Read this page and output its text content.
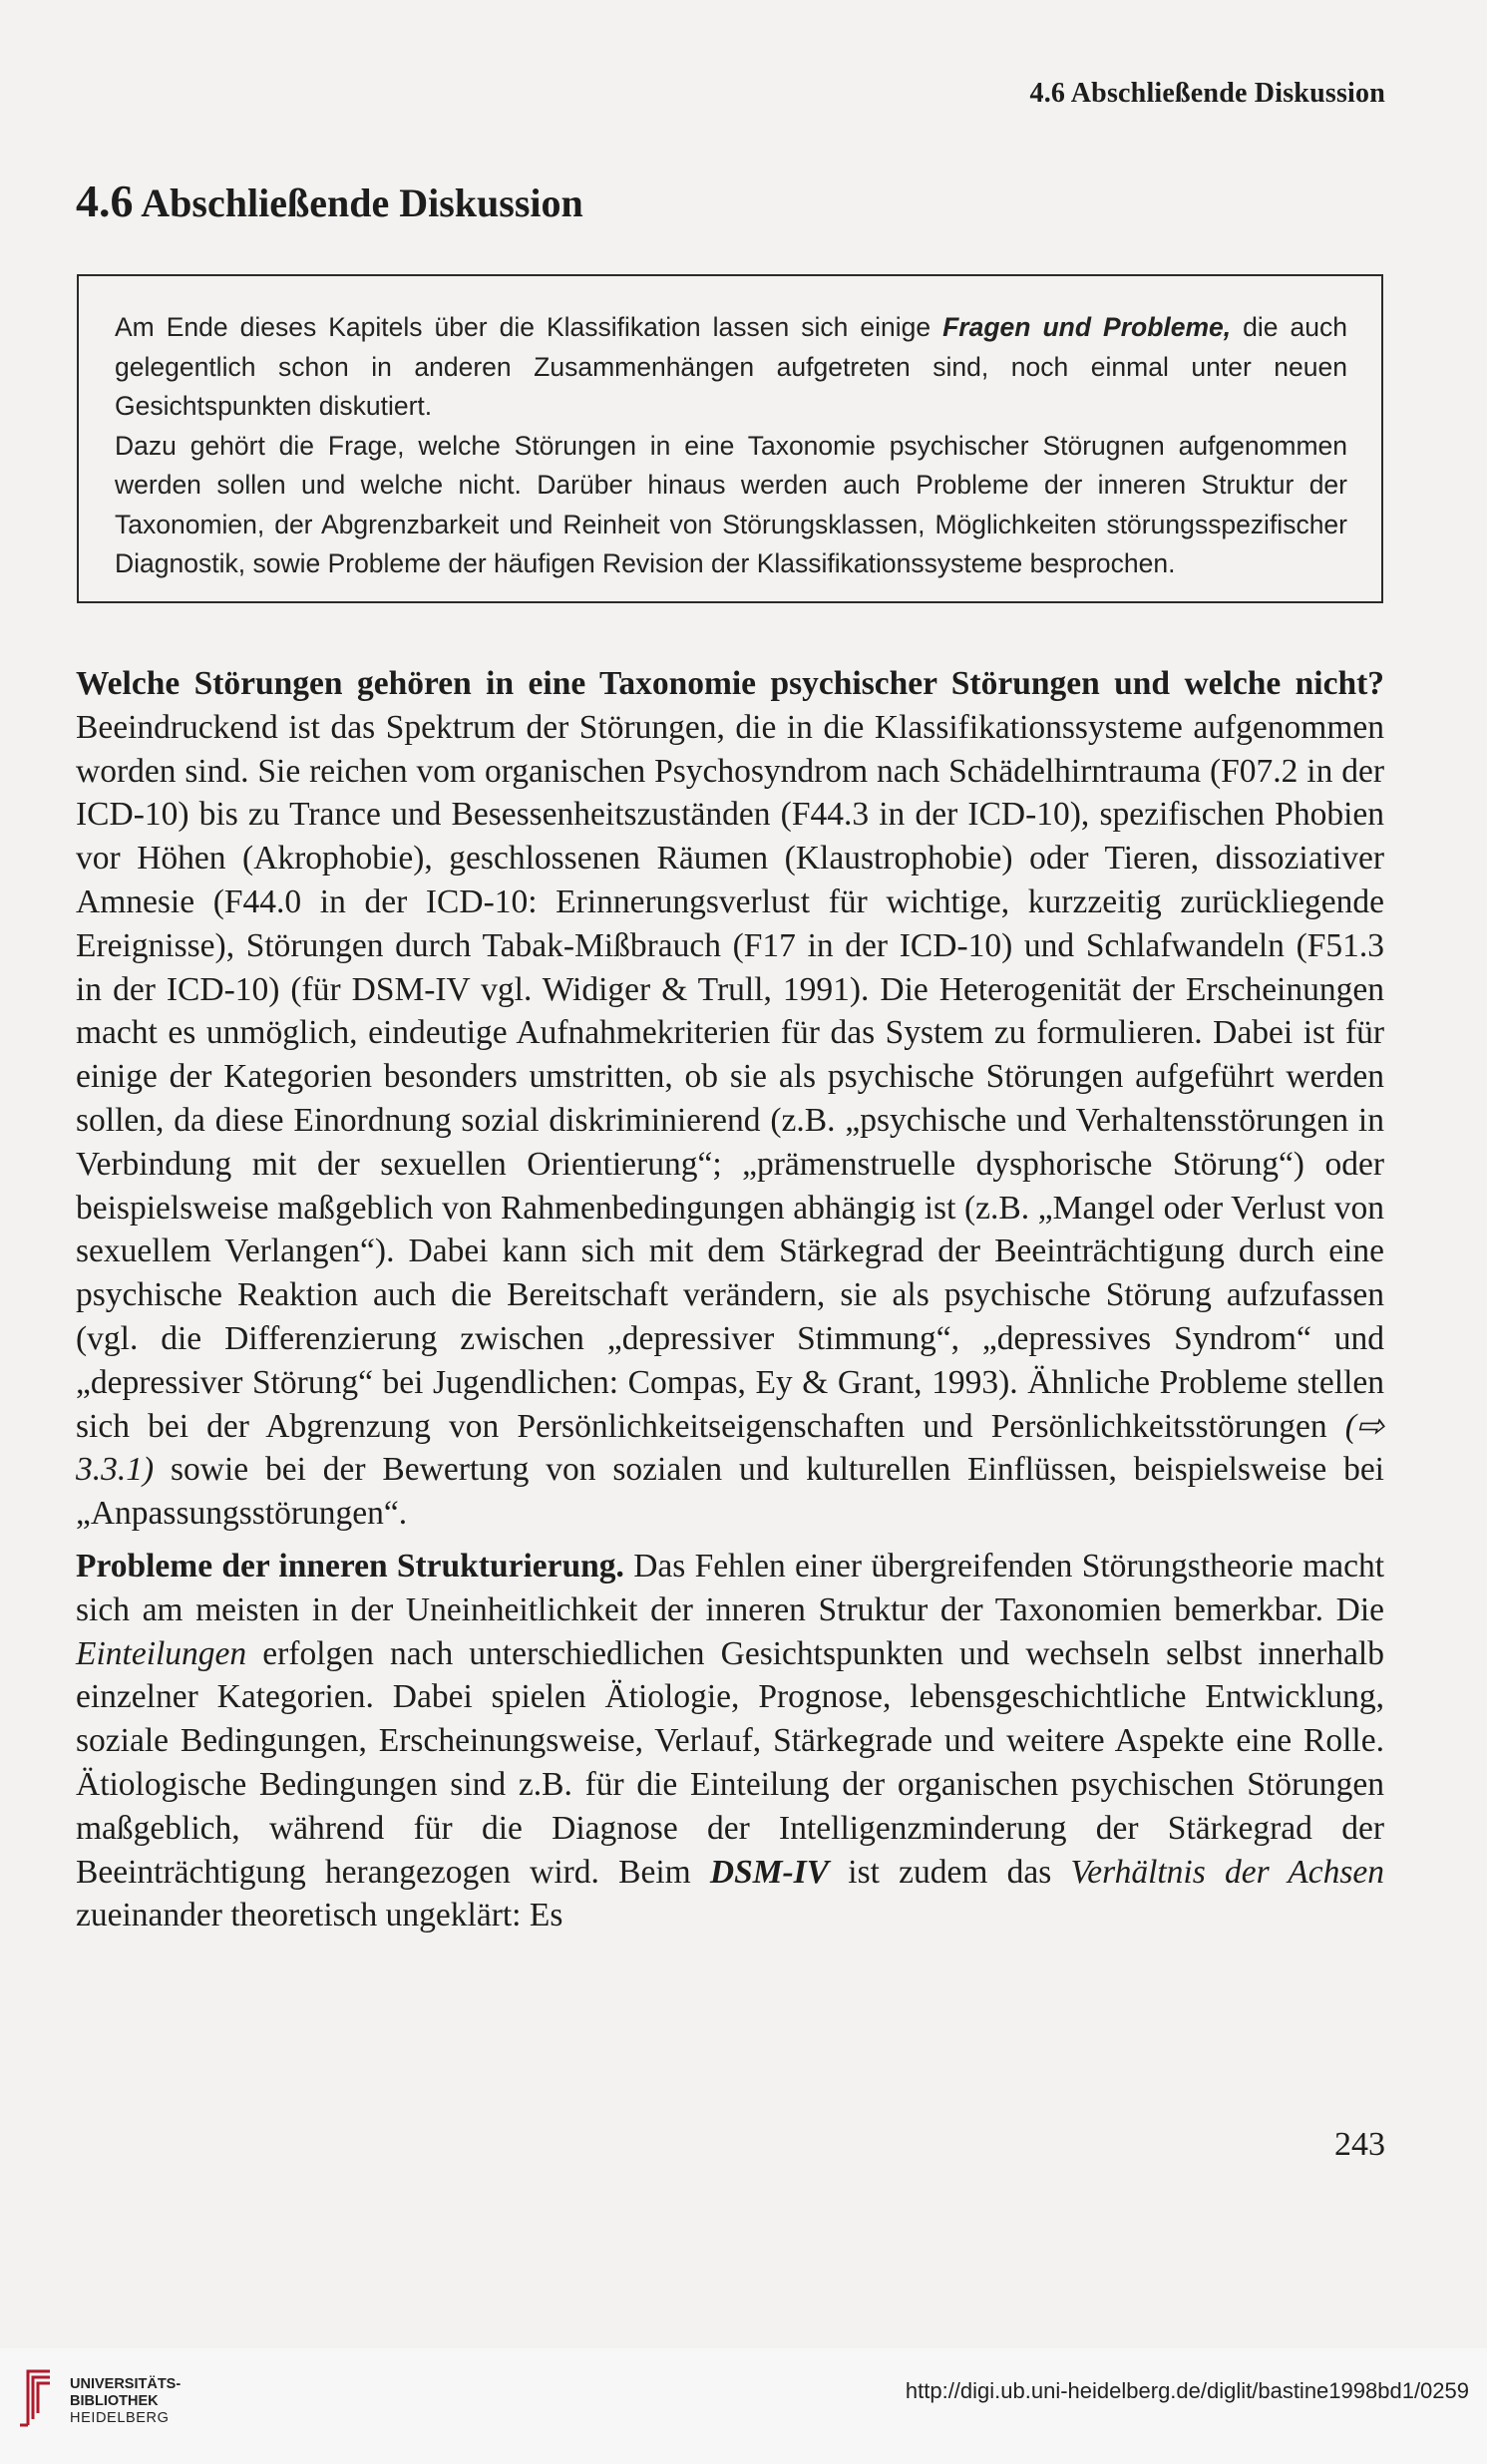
4.6 Abschließende Diskussion
4.6 Abschließende Diskussion

Am Ende dieses Kapitels über die Klassifikation lassen sich einige Fragen und Probleme, die auch gelegentlich schon in anderen Zusammenhängen aufgetreten sind, noch einmal unter neuen Gesichtspunkten diskutiert.

Dazu gehört die Frage, welche Störungen in eine Taxonomie psychischer Störugnen aufgenommen werden sollen und welche nicht. Darüber hinaus werden auch Probleme der inneren Struktur der Taxonomien, der Abgrenzbarkeit und Reinheit von Störungsklassen, Möglichkeiten störungsspezifischer Diagnostik, sowie Probleme der häufigen Revision der Klassifikationssysteme besprochen.

Welche Störungen gehören in eine Taxonomie psychischer Störungen und welche nicht? Beeindruckend ist das Spektrum der Störungen, die in die Klassifikationssysteme aufgenommen worden sind. Sie reichen vom organischen Psychosyndrom nach Schädelhirntrauma (F07.2 in der ICD-10) bis zu Trance und Besessenheitszuständen (F44.3 in der ICD-10), spezifischen Phobien vor Höhen (Akrophobie), geschlossenen Räumen (Klaustrophobie) oder Tieren, dissoziativer Amnesie (F44.0 in der ICD-10: Erinnerungsverlust für wichtige, kurzzeitig zurückliegende Ereignisse), Störungen durch Tabak-Mißbrauch (F17 in der ICD-10) und Schlafwandeln (F51.3 in der ICD-10) (für DSM-IV vgl. Widiger & Trull, 1991). Die Heterogenität der Erscheinungen macht es unmöglich, eindeutige Aufnahmekriterien für das System zu formulieren. Dabei ist für einige der Kategorien besonders umstritten, ob sie als psychische Störungen aufgeführt werden sollen, da diese Einordnung sozial diskriminierend (z.B. „psychische und Verhaltensstörungen in Verbindung mit der sexuellen Orientierung“; „prämenstruelle dysphorische Störung“) oder beispielsweise maßgeblich von Rahmenbedingungen abhängig ist (z.B. „Mangel oder Verlust von sexuellem Verlangen“). Dabei kann sich mit dem Stärkegrad der Beeinträchtigung durch eine psychische Reaktion auch die Bereitschaft verändern, sie als psychische Störung aufzufassen (vgl. die Differenzierung zwischen „depressiver Stimmung“, „depressives Syndrom“ und „depressiver Störung“ bei Jugendlichen: Compas, Ey & Grant, 1993). Ähnliche Probleme stellen sich bei der Abgrenzung von Persönlichkeitseigenschaften und Persönlichkeitsstörungen (⇨ 3.3.1) sowie bei der Bewertung von sozialen und kulturellen Einflüssen, beispielsweise bei „Anpassungsstörungen“.

Probleme der inneren Strukturierung. Das Fehlen einer übergreifenden Störungstheorie macht sich am meisten in der Uneinheitlichkeit der inneren Struktur der Taxonomien bemerkbar. Die Einteilungen erfolgen nach unterschiedlichen Gesichtspunkten und wechseln selbst innerhalb einzelner Kategorien. Dabei spielen Ätiologie, Prognose, lebensgeschichtliche Entwicklung, soziale Bedingungen, Erscheinungsweise, Verlauf, Stärkegrade und weitere Aspekte eine Rolle. Ätiologische Bedingungen sind z.B. für die Einteilung der organischen psychischen Störungen maßgeblich, während für die Diagnose der Intelligenzminderung der Stärkegrad der Beeinträchtigung herangezogen wird. Beim DSM-IV ist zudem das Verhältnis der Achsen zueinander theoretisch ungeklärt: Es

243
UNIVERSITÄTS-
BIBLIOTHEK
HEIDELBERG
http://digi.ub.uni-heidelberg.de/diglit/bastine1998bd1/0259
